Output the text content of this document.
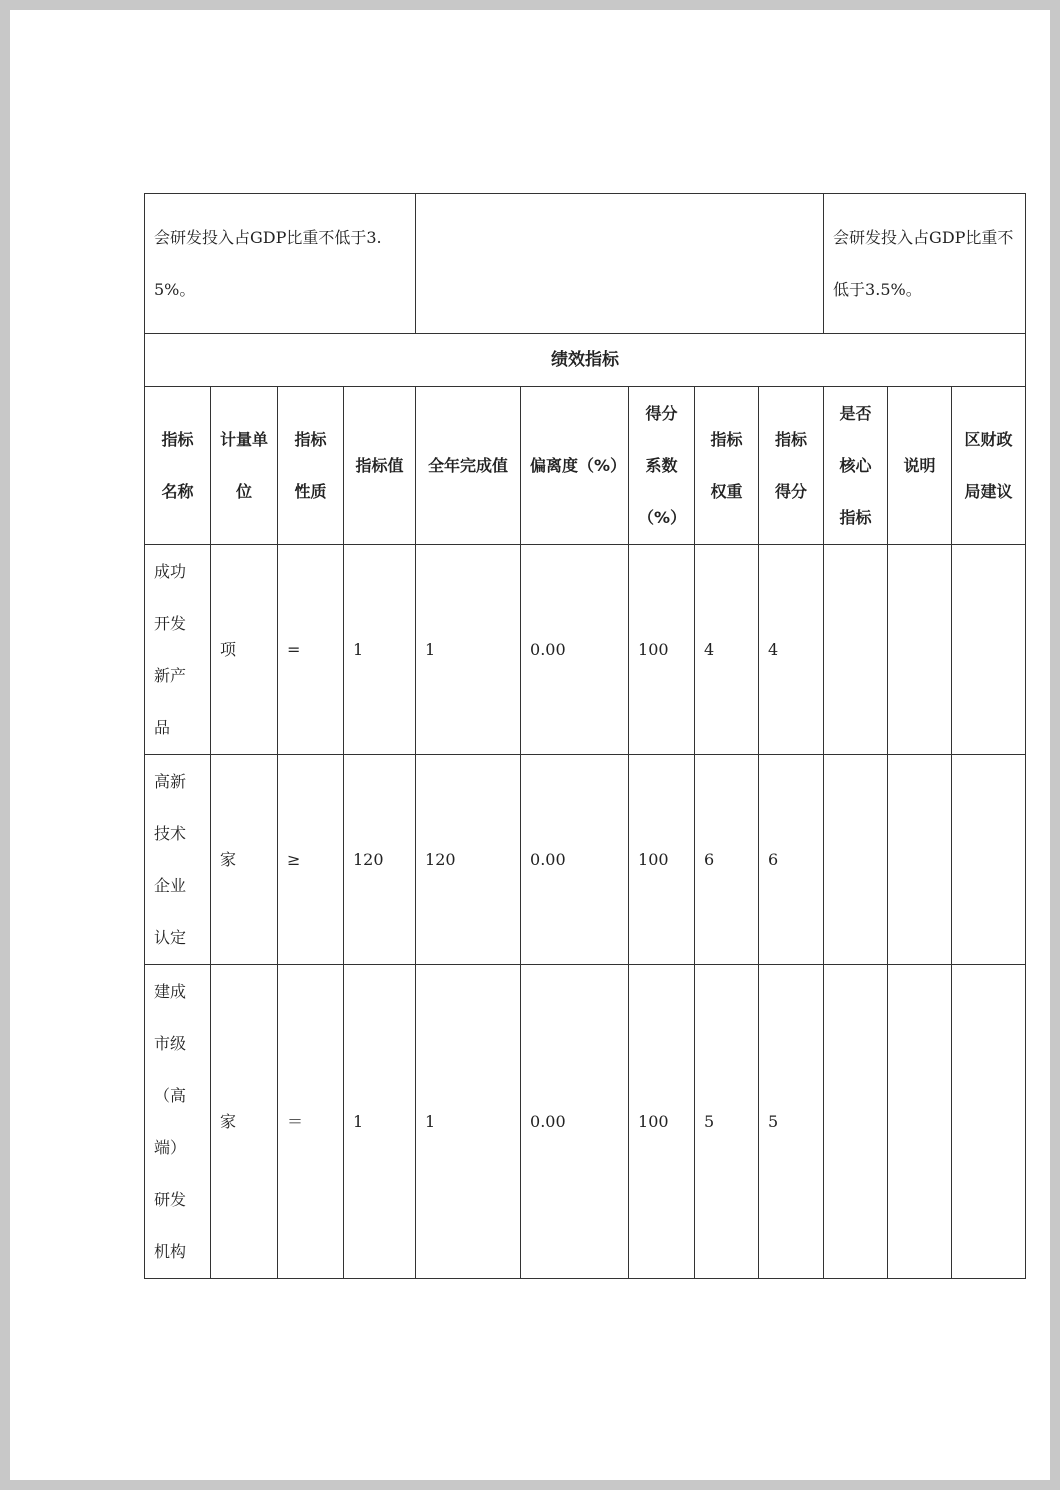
会研发投入占GDP比重不低于3.5%。									会研发投入占GDP比重不低于3.5%。		
绩效指标											
指标名称	计量单位	指标性质	指标值	全年完成值	偏离度（%）	得分系数（%）	指标权重	指标得分	是否核心指标	说明	区财政局建议
成功开发新产品	项	=	1	1	0.00	100	4	4			
高新技术企业认定	家	≥	120	120	0.00	100	6	6			
建成市级（高端）研发机构	家	＝	1	1	0.00	100	5	5			
